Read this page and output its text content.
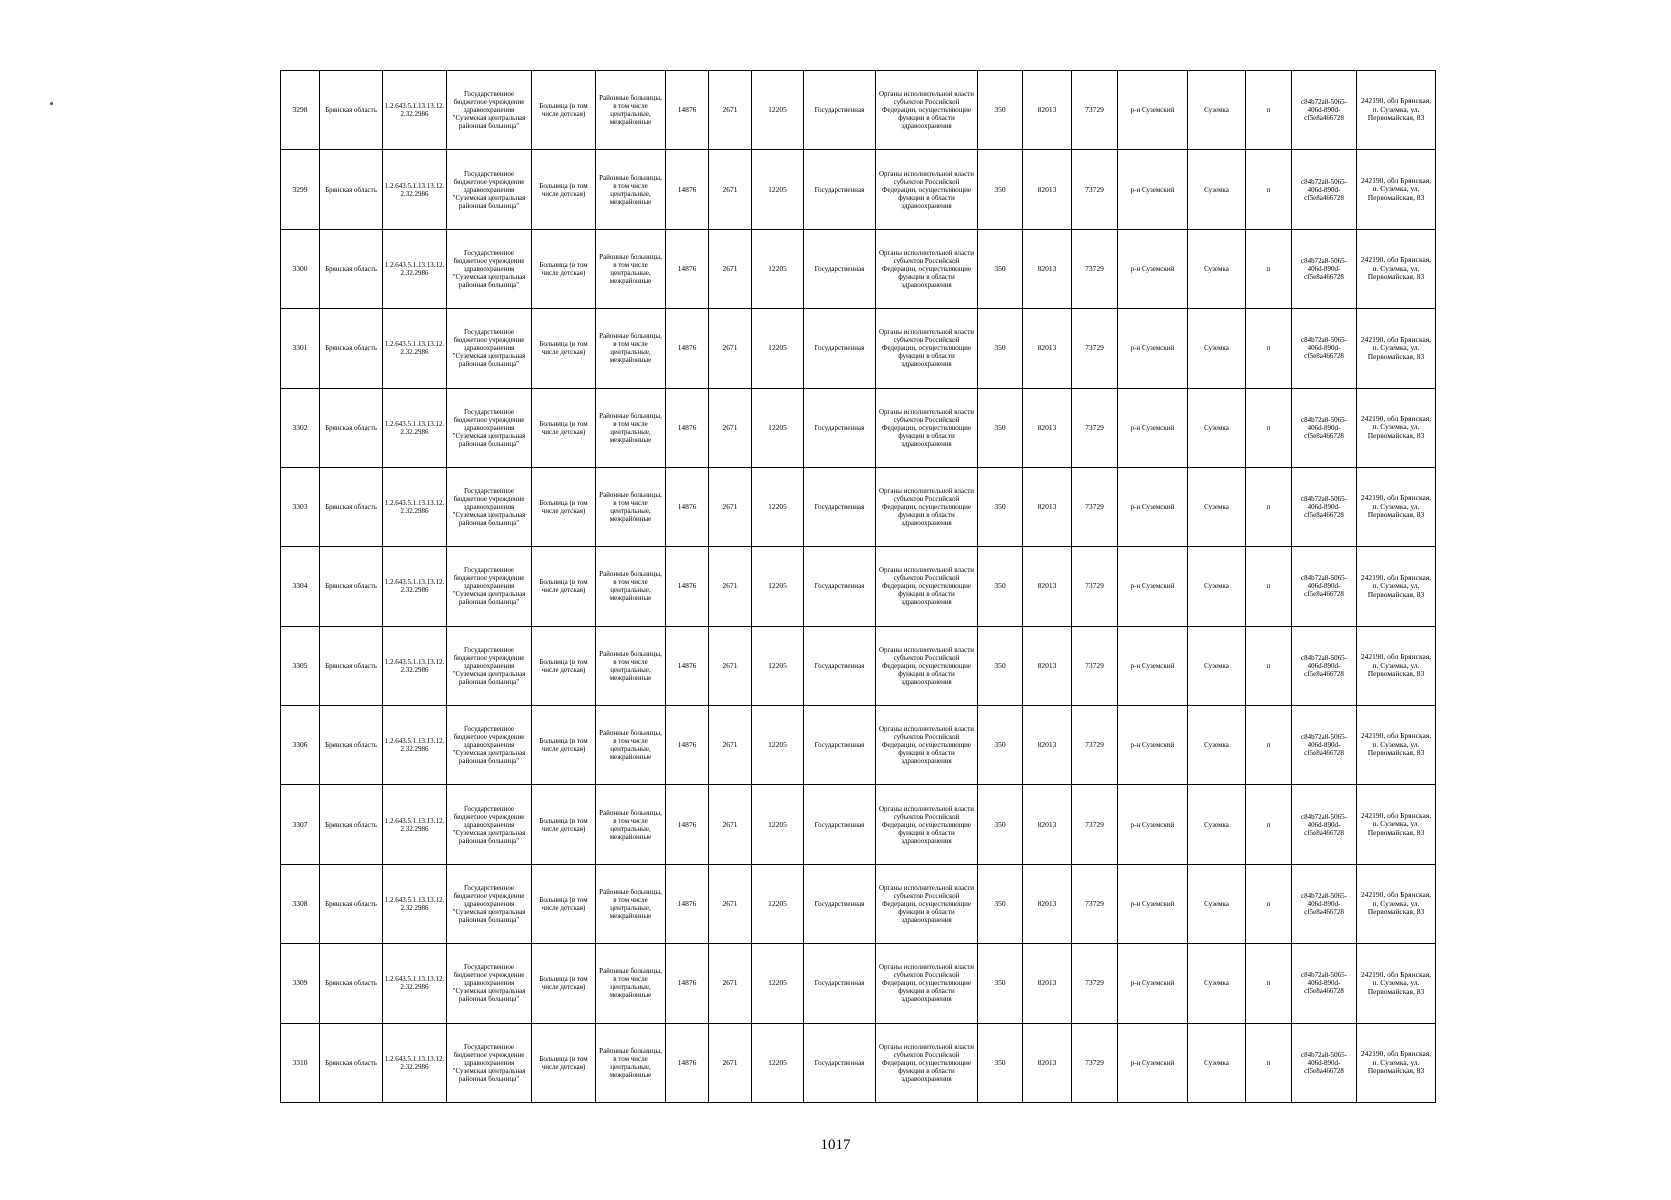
3298	Брянская область	1.2.643.5.1.13.13.12.2.32.2986	Государственное бюджетное учреждение здравоохранения "Суземская центральная районная больница"	Больница (в том числе детская)	Районные больницы, в том числе центральные, межрайонные	14876	2671	12205	Государственная	Органы исполнительной власти субъектов Российской Федерации, осуществляющие функции в области здравоохранения	350	82013	73729	р-н Суземский	Суземка	п	c84b72a8-5065-406d-890d-cf5e8a466728	242190, обл Брянская, п. Суземка, ул. Первомайская, 83
3299	Брянская область	1.2.643.5.1.13.13.12.2.32.2986	Государственное бюджетное учреждение здравоохранения "Суземская центральная районная больница"	Больница (в том числе детская)	Районные больницы, в том числе центральные, межрайонные	14876	2671	12205	Государственная	Органы исполнительной власти субъектов Российской Федерации, осуществляющие функции в области здравоохранения	350	82013	73729	р-н Суземский	Суземка	п	c84b72a8-5065-406d-890d-cf5e8a466728	242190, обл Брянская, п. Суземка, ул. Первомайская, 83
3300	Брянская область	1.2.643.5.1.13.13.12.2.32.2986	Государственное бюджетное учреждение здравоохранения "Суземская центральная районная больница"	Больница (в том числе детская)	Районные больницы, в том числе центральные, межрайонные	14876	2671	12205	Государственная	Органы исполнительной власти субъектов Российской Федерации, осуществляющие функции в области здравоохранения	350	82013	73729	р-н Суземский	Суземка	п	c84b72a8-5065-406d-890d-cf5e8a466728	242190, обл Брянская, п. Суземка, ул. Первомайская, 83
3301	Брянская область	1.2.643.5.1.13.13.12.2.32.2986	Государственное бюджетное учреждение здравоохранения "Суземская центральная районная больница"	Больница (в том числе детская)	Районные больницы, в том числе центральные, межрайонные	14876	2671	12205	Государственная	Органы исполнительной власти субъектов Российской Федерации, осуществляющие функции в области здравоохранения	350	82013	73729	р-н Суземский	Суземка	п	c84b72a8-5065-406d-890d-cf5e8a466728	242190, обл Брянская, п. Суземка, ул. Первомайская, 83
3302	Брянская область	1.2.643.5.1.13.13.12.2.32.2986	Государственное бюджетное учреждение здравоохранения "Суземская центральная районная больница"	Больница (в том числе детская)	Районные больницы, в том числе центральные, межрайонные	14876	2671	12205	Государственная	Органы исполнительной власти субъектов Российской Федерации, осуществляющие функции в области здравоохранения	350	82013	73729	р-н Суземский	Суземка	п	c84b72a8-5065-406d-890d-cf5e8a466728	242190, обл Брянская, п. Суземка, ул. Первомайская, 83
3303	Брянская область	1.2.643.5.1.13.13.12.2.32.2986	Государственное бюджетное учреждение здравоохранения "Суземская центральная районная больница"	Больница (в том числе детская)	Районные больницы, в том числе центральные, межрайонные	14876	2671	12205	Государственная	Органы исполнительной власти субъектов Российской Федерации, осуществляющие функции в области здравоохранения	350	82013	73729	р-н Суземский	Суземка	п	c84b72a8-5065-406d-890d-cf5e8a466728	242190, обл Брянская, п. Суземка, ул. Первомайская, 83
3304	Брянская область	1.2.643.5.1.13.13.12.2.32.2986	Государственное бюджетное учреждение здравоохранения "Суземская центральная районная больница"	Больница (в том числе детская)	Районные больницы, в том числе центральные, межрайонные	14876	2671	12205	Государственная	Органы исполнительной власти субъектов Российской Федерации, осуществляющие функции в области здравоохранения	350	82013	73729	р-н Суземский	Суземка	п	c84b72a8-5065-406d-890d-cf5e8a466728	242190, обл Брянская, п. Суземка, ул. Первомайская, 83
3305	Брянская область	1.2.643.5.1.13.13.12.2.32.2986	Государственное бюджетное учреждение здравоохранения "Суземская центральная районная больница"	Больница (в том числе детская)	Районные больницы, в том числе центральные, межрайонные	14876	2671	12205	Государственная	Органы исполнительной власти субъектов Российской Федерации, осуществляющие функции в области здравоохранения	350	82013	73729	р-н Суземский	Суземка	п	c84b72a8-5065-406d-890d-cf5e8a466728	242190, обл Брянская, п. Суземка, ул. Первомайская, 83
3306	Брянская область	1.2.643.5.1.13.13.12.2.32.2986	Государственное бюджетное учреждение здравоохранения "Суземская центральная районная больница"	Больница (в том числе детская)	Районные больницы, в том числе центральные, межрайонные	14876	2671	12205	Государственная	Органы исполнительной власти субъектов Российской Федерации, осуществляющие функции в области здравоохранения	350	82013	73729	р-н Суземский	Суземка	п	c84b72a8-5065-406d-890d-cf5e8a466728	242190, обл Брянская, п. Суземка, ул. Первомайская, 83
3307	Брянская область	1.2.643.5.1.13.13.12.2.32.2986	Государственное бюджетное учреждение здравоохранения "Суземская центральная районная больница"	Больница (в том числе детская)	Районные больницы, в том числе центральные, межрайонные	14876	2671	12205	Государственная	Органы исполнительной власти субъектов Российской Федерации, осуществляющие функции в области здравоохранения	350	82013	73729	р-н Суземский	Суземка	п	c84b72a8-5065-406d-890d-cf5e8a466728	242190, обл Брянская, п. Суземка, ул. Первомайская, 83
3308	Брянская область	1.2.643.5.1.13.13.12.2.32.2986	Государственное бюджетное учреждение здравоохранения "Суземская центральная районная больница"	Больница (в том числе детская)	Районные больницы, в том числе центральные, межрайонные	14876	2671	12205	Государственная	Органы исполнительной власти субъектов Российской Федерации, осуществляющие функции в области здравоохранения	350	82013	73729	р-н Суземский	Суземка	п	c84b72a8-5065-406d-890d-cf5e8a466728	242190, обл Брянская, п. Суземка, ул. Первомайская, 83
3309	Брянская область	1.2.643.5.1.13.13.12.2.32.2986	Государственное бюджетное учреждение здравоохранения "Суземская центральная районная больница"	Больница (в том числе детская)	Районные больницы, в том числе центральные, межрайонные	14876	2671	12205	Государственная	Органы исполнительной власти субъектов Российской Федерации, осуществляющие функции в области здравоохранения	350	82013	73729	р-н Суземский	Суземка	п	c84b72a8-5065-406d-890d-cf5e8a466728	242190, обл Брянская, п. Суземка, ул. Первомайская, 83
3310	Брянская область	1.2.643.5.1.13.13.12.2.32.2986	Государственное бюджетное учреждение здравоохранения "Суземская центральная районная больница"	Больница (в том числе детская)	Районные больницы, в том числе центральные, межрайонные	14876	2671	12205	Государственная	Органы исполнительной власти субъектов Российской Федерации, осуществляющие функции в области здравоохранения	350	82013	73729	р-н Суземский	Суземка	п	c84b72a8-5065-406d-890d-cf5e8a466728	242190, обл Брянская, п. Суземка, ул. Первомайская, 83
1017
